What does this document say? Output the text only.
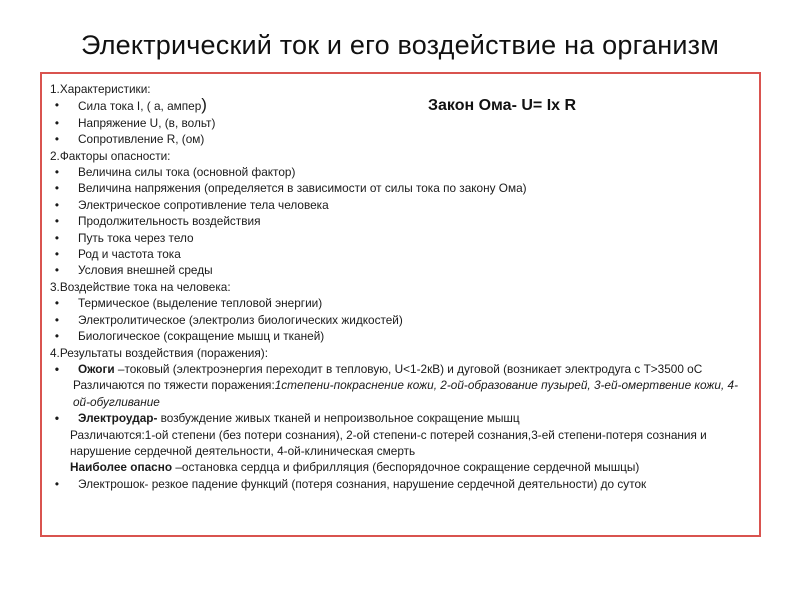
Электрический ток и его воздействие на организм
Закон Ома- U= Iх R
1.Характеристики:
•	Сила тока I, ( а, ампер)
•	Напряжение U, (в, вольт)
•	Сопротивление R, (ом)
2.Факторы опасности:
•	Величина силы тока (основной фактор)
•	Величина напряжения (определяется в зависимости от силы тока по закону Ома)
•	Электрическое сопротивление тела человека
•	Продолжительность воздействия
•	Путь тока через тело
•	Род и частота тока
•	Условия внешней среды
3.Воздействие тока на человека:
•	Термическое (выделение тепловой энергии)
•	Электролитическое (электролиз биологических жидкостей)
•	Биологическое (сокращение мышц и тканей)
4.Результаты воздействия (поражения):
•	Ожоги –токовый (электроэнергия переходит в тепловую, U<1-2кВ) и дуговой (возникает электродуга с Т>3500 oC
Различаются по тяжести поражения:1степени-покраснение кожи, 2-ой-образование пузырей, 3-ей-омертвение кожи, 4-ой-обугливание
•	Электроудар- возбуждение живых тканей и непроизвольное сокращение мышц
Различаются:1-ой степени (без потери сознания), 2-ой степени-с потерей сознания,3-ей степени-потеря сознания и нарушение сердечной деятельности, 4-ой-клиническая смерть
Наиболее опасно –остановка сердца и фибрилляция (беспорядочное сокращение сердечной мышцы)
•	Электрошок- резкое падение функций (потеря сознания, нарушение сердечной деятельности) до суток
